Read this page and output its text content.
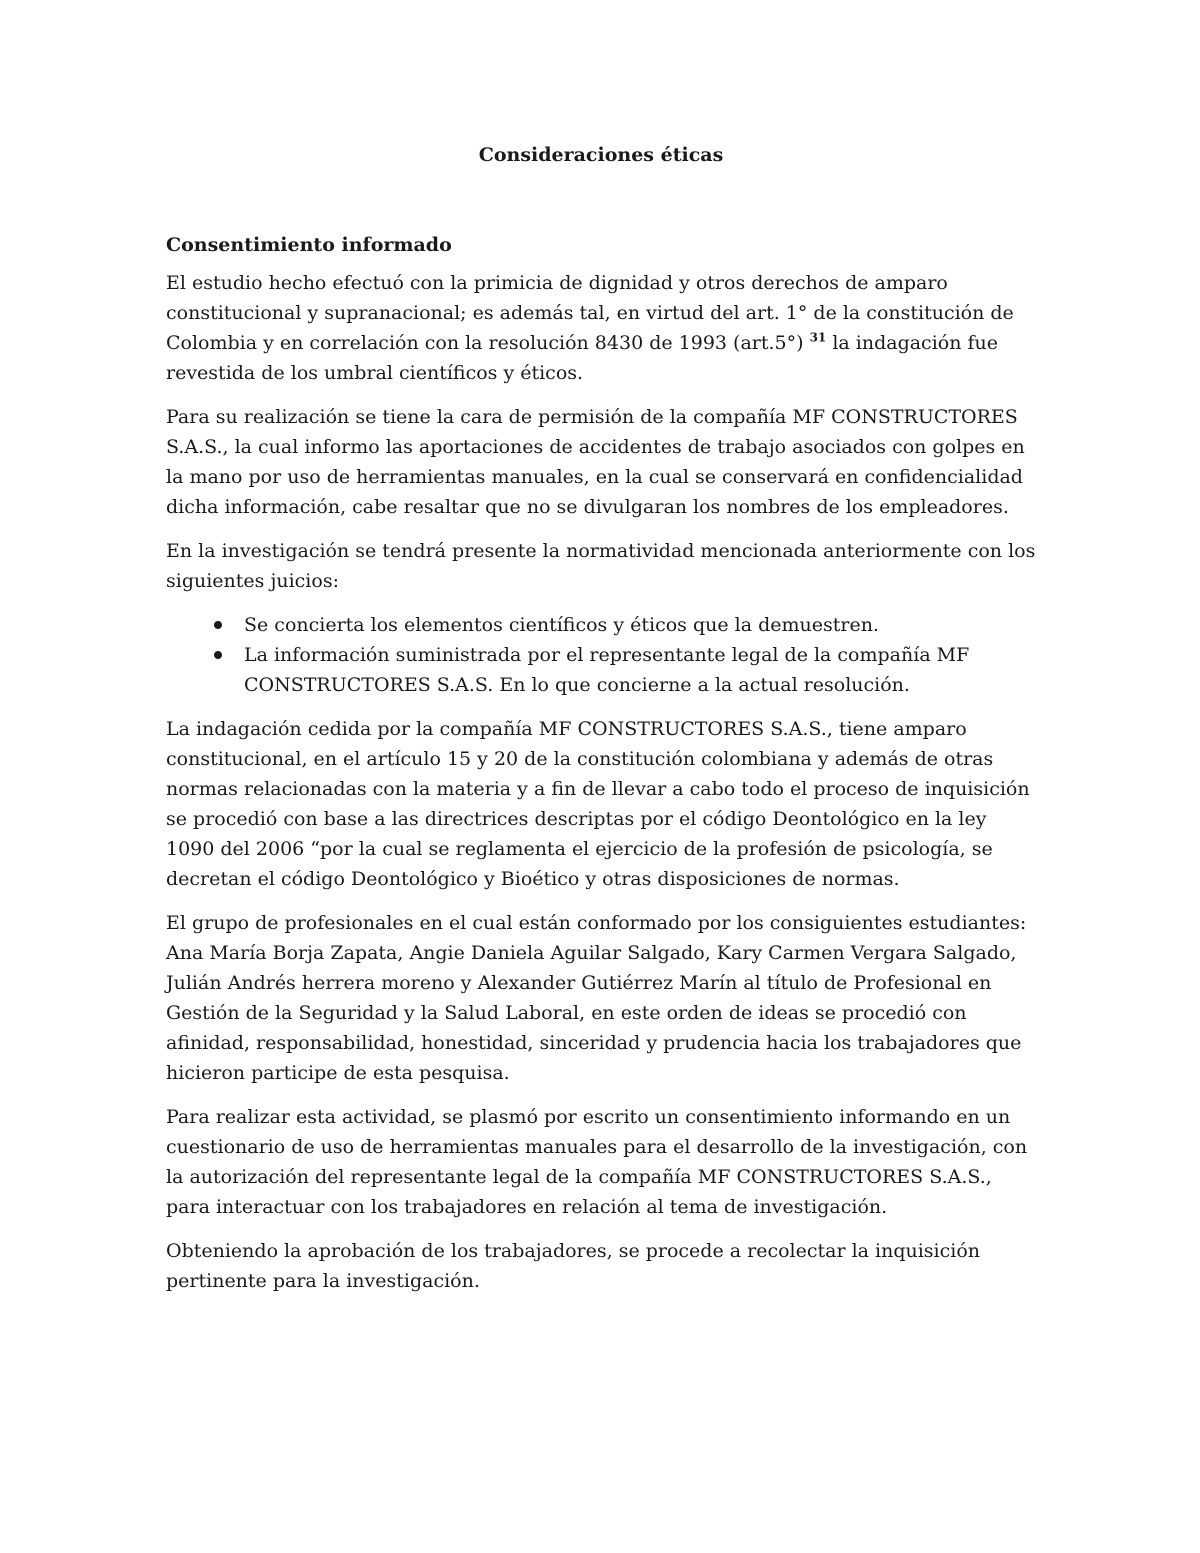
Consideraciones éticas
Consentimiento informado

El estudio hecho efectuó con la primicia de dignidad y otros derechos de amparo constitucional y supranacional; es además tal, en virtud del art. 1° de la constitución de Colombia y en correlación con la resolución 8430 de 1993 (art.5°) $^{31}$ la indagación fue revestida de los umbral científicos y éticos.

Para su realización se tiene la cara de permisión de la compañía MF CONSTRUCTORES S.A.S., la cual informo las aportaciones de accidentes de trabajo asociados con golpes en la mano por uso de herramientas manuales, en la cual se conservará en confidencialidad dicha información, cabe resaltar que no se divulgaran los nombres de los empleadores.

En la investigación se tendrá presente la normatividad mencionada anteriormente con los siguientes juicios:

Se concierta los elementos científicos y éticos que la demuestren.
La información suministrada por el representante legal de la compañía MF CONSTRUCTORES S.A.S. En lo que concierne a la actual resolución.

La indagación cedida por la compañía MF CONSTRUCTORES S.A.S., tiene amparo constitucional, en el artículo 15 y 20 de la constitución colombiana y además de otras normas relacionadas con la materia y a fin de llevar a cabo todo el proceso de inquisición se procedió con base a las directrices descriptas por el código Deontológico en la ley 1090 del 2006 “por la cual se reglamenta el ejercicio de la profesión de psicología, se decretan el código Deontológico y Bioético y otras disposiciones de normas.

El grupo de profesionales en el cual están conformado por los consiguientes estudiantes: Ana María Borja Zapata, Angie Daniela Aguilar Salgado, Kary Carmen Vergara Salgado, Julián Andrés herrera moreno y Alexander Gutiérrez Marín al título de Profesional en Gestión de la Seguridad y la Salud Laboral, en este orden de ideas se procedió con afinidad, responsabilidad, honestidad, sinceridad y prudencia hacia los trabajadores que hicieron participe de esta pesquisa.

Para realizar esta actividad, se plasmó por escrito un consentimiento informando en un cuestionario de uso de herramientas manuales para el desarrollo de la investigación, con la autorización del representante legal de la compañía MF CONSTRUCTORES S.A.S., para interactuar con los trabajadores en relación al tema de investigación.

Obteniendo la aprobación de los trabajadores, se procede a recolectar la inquisición pertinente para la investigación.
